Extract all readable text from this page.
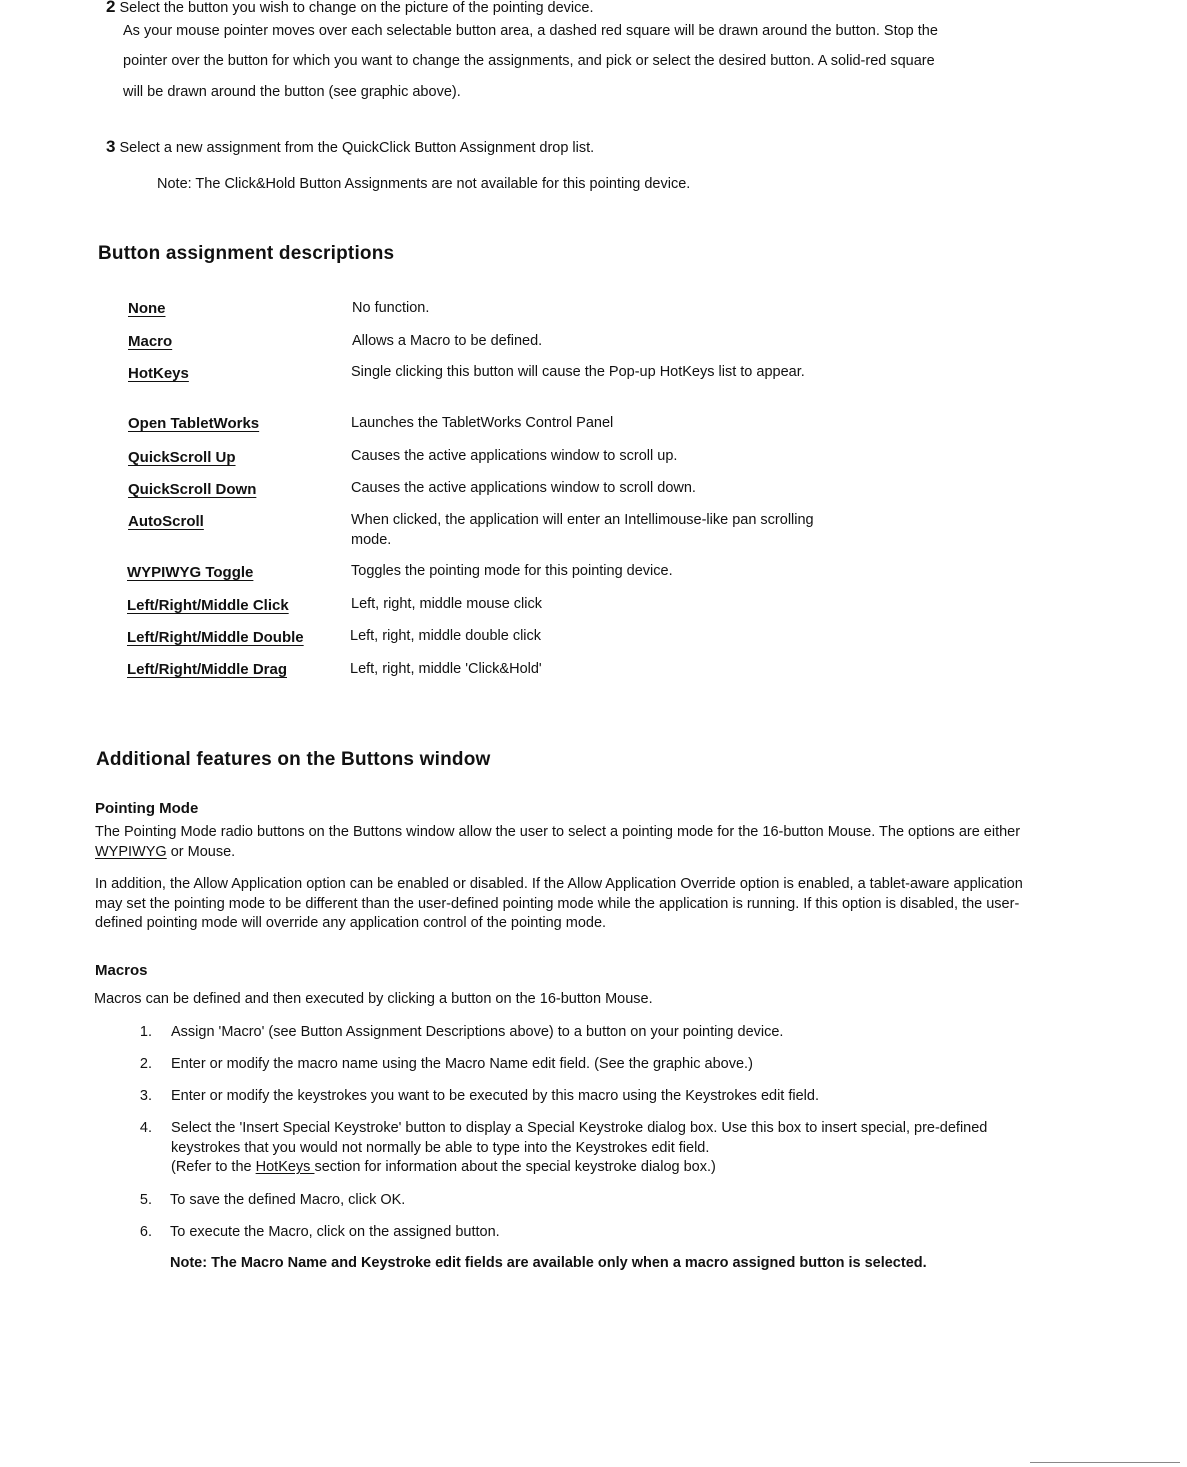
2 Select the button you wish to change on the picture of the pointing device.

As your mouse pointer moves over each selectable button area, a dashed red square will be drawn around the button. Stop the

pointer over the button for which you want to change the assignments, and pick or select the desired button. A solid-red square

will be drawn around the button (see graphic above).

3 Select a new assignment from the QuickClick Button Assignment drop list.

Note: The Click&Hold Button Assignments are not available for this pointing device.

Button assignment descriptions
None	No function.
Macro	Allows a Macro to be defined.
HotKeys	Single clicking this button will cause the Pop-up HotKeys list to appear.
Open TabletWorks	Launches the TabletWorks Control Panel
QuickScroll Up	Causes the active applications window to scroll up.
QuickScroll Down	Causes the active applications window to scroll down.
AutoScroll	When clicked, the application will enter an Intellimouse-like pan scrolling mode.
WYPIWYG Toggle	Toggles the pointing mode for this pointing device.
Left/Right/Middle Click	Left, right, middle mouse click
Left/Right/Middle Double	Left, right, middle double click
Left/Right/Middle Drag	Left, right, middle 'Click&Hold'
Additional features on the Buttons window
Pointing Mode

The Pointing Mode radio buttons on the Buttons window allow the user to select a pointing mode for the 16-button Mouse. The options are either WYPIWYG or Mouse.

In addition, the Allow Application option can be enabled or disabled. If the Allow Application Override option is enabled, a tablet-aware application may set the pointing mode to be different than the user-defined pointing mode while the application is running. If this option is disabled, the user-defined pointing mode will override any application control of the pointing mode.

Macros

Macros can be defined and then executed by clicking a button on the 16-button Mouse.

1. Assign 'Macro' (see Button Assignment Descriptions above) to a button on your pointing device.
2. Enter or modify the macro name using the Macro Name edit field. (See the graphic above.)
3. Enter or modify the keystrokes you want to be executed by this macro using the Keystrokes edit field.
4. Select the 'Insert Special Keystroke' button to display a Special Keystroke dialog box. Use this box to insert special, pre-defined keystrokes that you would not normally be able to type into the Keystrokes edit field.
(Refer to the HotKeys section for information about the special keystroke dialog box.)
5. To save the defined Macro, click OK.
6. To execute the Macro, click on the assigned button.

Note: The Macro Name and Keystroke edit fields are available only when a macro assigned button is selected.
